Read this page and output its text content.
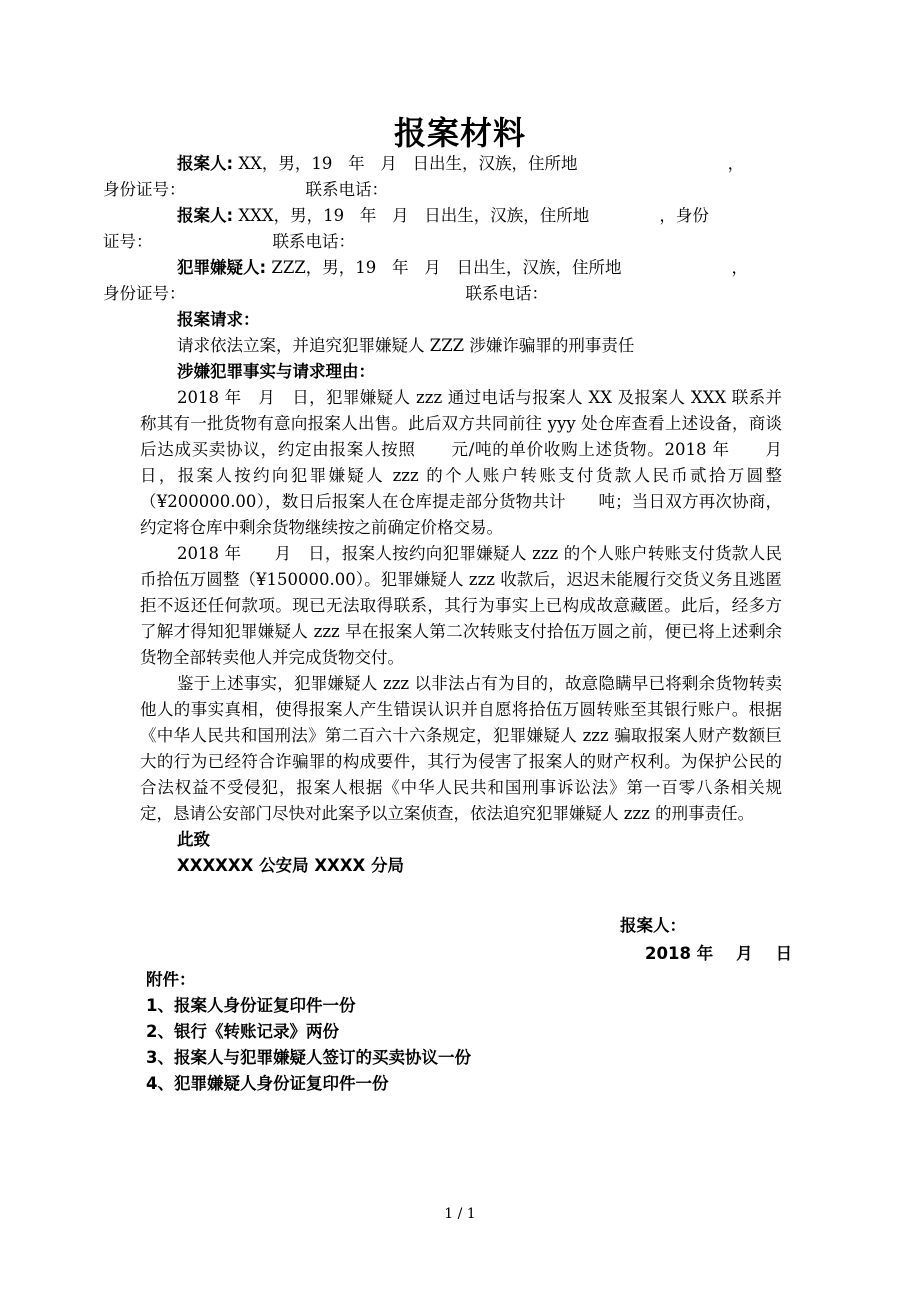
报案材料

报案人: XX，男，19   年   月   日出生，汉族，住所地	，
身份证号：	联系电话：

报案人: XXX，男，19   年   月   日出生，汉族，住所地	，身份
证号：	联系电话：

犯罪嫌疑人: ZZZ，男，19   年   月   日出生，汉族，住所地	，
身份证号：	联系电话：

报案请求：

请求依法立案，并追究犯罪嫌疑人 ZZZ 涉嫌诈骗罪的刑事责任

涉嫌犯罪事实与请求理由：

2018 年   月   日，犯罪嫌疑人 zzz 通过电话与报案人 XX 及报案人 XXX 联系并称其有一批货物有意向报案人出售。此后双方共同前往 yyy 处仓库查看上述设备，商谈后达成买卖协议，约定由报案人按照      元/吨的单价收购上述货物。2018 年      月      日，报案人按约向犯罪嫌疑人 zzz 的个人账户转账支付货款人民币贰拾万圆整（¥200000.00），数日后报案人在仓库提走部分货物共计      吨；当日双方再次协商，约定将仓库中剩余货物继续按之前确定价格交易。

2018 年      月   日，报案人按约向犯罪嫌疑人 zzz 的个人账户转账支付货款人民币拾伍万圆整（¥150000.00）。犯罪嫌疑人 zzz 收款后，迟迟未能履行交货义务且逃匿拒不返还任何款项。现已无法取得联系，其行为事实上已构成故意藏匿。此后，经多方了解才得知犯罪嫌疑人 zzz 早在报案人第二次转账支付拾伍万圆之前，便已将上述剩余货物全部转卖他人并完成货物交付。

鉴于上述事实，犯罪嫌疑人 zzz 以非法占有为目的，故意隐瞒早已将剩余货物转卖他人的事实真相，使得报案人产生错误认识并自愿将拾伍万圆转账至其银行账户。根据《中华人民共和国刑法》第二百六十六条规定，犯罪嫌疑人 zzz 骗取报案人财产数额巨大的行为已经符合诈骗罪的构成要件，其行为侵害了报案人的财产权利。为保护公民的合法权益不受侵犯，报案人根据《中华人民共和国刑事诉讼法》第一百零八条相关规定，恳请公安部门尽快对此案予以立案侦查，依法追究犯罪嫌疑人 zzz 的刑事责任。

此致

XXXXXX 公安局 XXXX 分局

报案人：
2018 年    月    日
附件：
1、报案人身份证复印件一份
2、银行《转账记录》两份
3、报案人与犯罪嫌疑人签订的买卖协议一份
4、犯罪嫌疑人身份证复印件一份
1 / 1
